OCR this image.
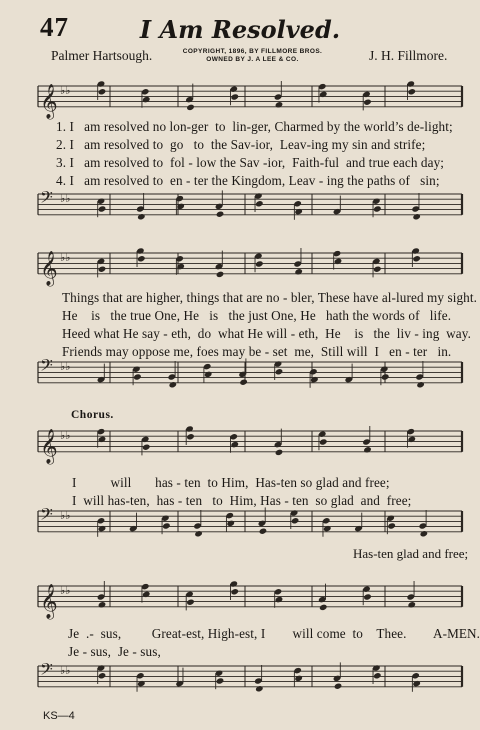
47	I Am Resolved.
Palmer Hartsough.	COPYRIGHT, 1896, BY FILLMORE BROS.
OWNED BY J. A LEE & CO.	J. H. Fillmore.
𝄞 ♭♭
1. I   am resolved no lon-ger  to  lin-ger, Charmed by the world’s de-light;
2. I   am resolved to  go   to  the Sav-ior,  Leav-ing my sin and strife;
3. I   am resolved to  fol - low the Sav -ior,  Faith-ful  and true each day;
4. I   am resolved to  en - ter the Kingdom, Leav - ing the paths of   sin;
𝄢 ♭♭
𝄞 ♭♭
Things that are higher, things that are no - bler, These have al-lured my sight.
He    is   the true One, He   is   the just One, He   hath the words of   life.
Heed what He say - eth,  do  what He will - eth,  He    is   the  liv - ing  way.
Friends may oppose me, foes may be - set  me,  Still will  I   en - ter   in.
𝄢 ♭♭
Chorus.
𝄞 ♭♭
I          will       has - ten  to Him,  Has-ten so glad and free;
I  will has-ten,  has - ten   to  Him, Has - ten  so glad  and  free;
𝄢 ♭♭
Has-ten glad and free;
𝄞 ♭♭
Je  .-  sus,         Great-est, High-est, I        will come  to    Thee.        A-MEN.
Je - sus,  Je - sus,
𝄢 ♭♭
KS—4
